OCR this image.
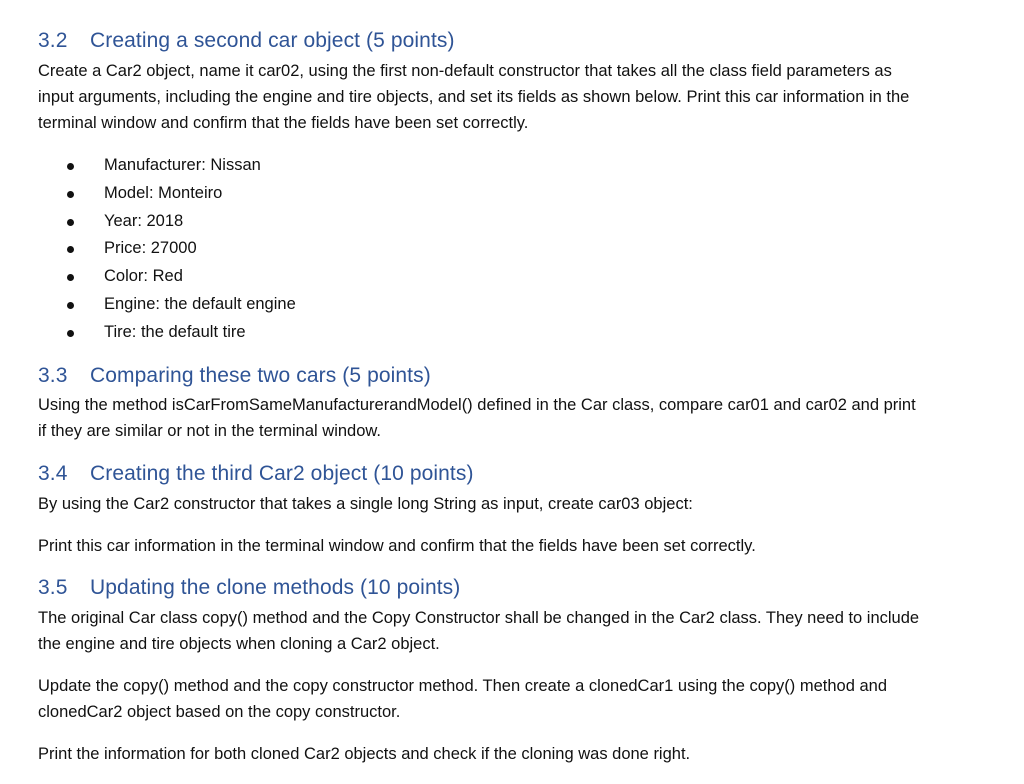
3.2 Creating a second car object (5 points)
Create a Car2 object, name it car02, using the first non-default constructor that takes all the class field parameters as
input arguments, including the engine and tire objects, and set its fields as shown below. Print this car information in the
terminal window and confirm that the fields have been set correctly.
Manufacturer: Nissan
Model: Monteiro
Year: 2018
Price: 27000
Color: Red
Engine: the default engine
Tire: the default tire
3.3 Comparing these two cars (5 points)
Using the method isCarFromSameManufacturerandModel() defined in the Car class, compare car01 and car02 and print
if they are similar or not in the terminal window.
3.4 Creating the third Car2 object (10 points)
By using the Car2 constructor that takes a single long String as input, create car03 object:
Print this car information in the terminal window and confirm that the fields have been set correctly.
3.5 Updating the clone methods (10 points)
The original Car class copy() method and the Copy Constructor shall be changed in the Car2 class. They need to include
the engine and tire objects when cloning a Car2 object.
Update the copy() method and the copy constructor method. Then create a clonedCar1 using the copy() method and
clonedCar2 object based on the copy constructor.
Print the information for both cloned Car2 objects and check if the cloning was done right.
